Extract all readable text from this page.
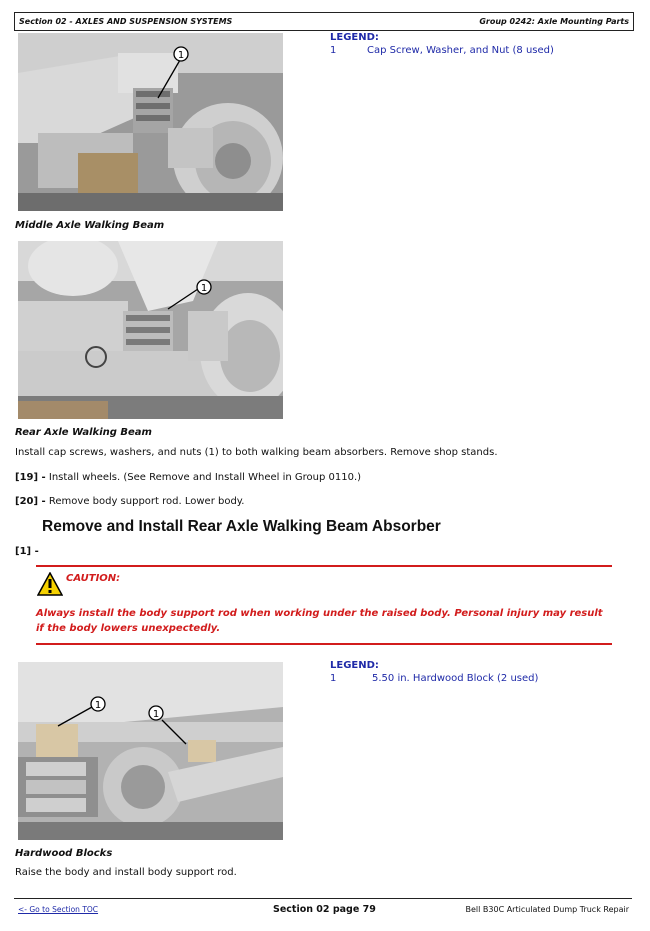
Section 02 - AXLES AND SUSPENSION SYSTEMS	Group 0242: Axle Mounting Parts
1
LEGEND:
1	Cap Screw, Washer, and Nut (8 used)
Middle Axle Walking Beam
1
Rear Axle Walking Beam
Install cap screws, washers, and nuts (1) to both walking beam absorbers. Remove shop stands.
[19] - Install wheels. (See Remove and Install Wheel in Group 0110.)
[20] - Remove body support rod. Lower body.
Remove and Install Rear Axle Walking Beam Absorber
[1] -
CAUTION:
Always install the body support rod when working under the raised body. Personal injury may result if the body lowers unexpectedly.
1
1
LEGEND:
1	5.50 in. Hardwood Block (2 used)
Hardwood Blocks
Raise the body and install body support rod.
<- Go to Section TOC	Section 02 page 79	Bell B30C Articulated Dump Truck Repair
